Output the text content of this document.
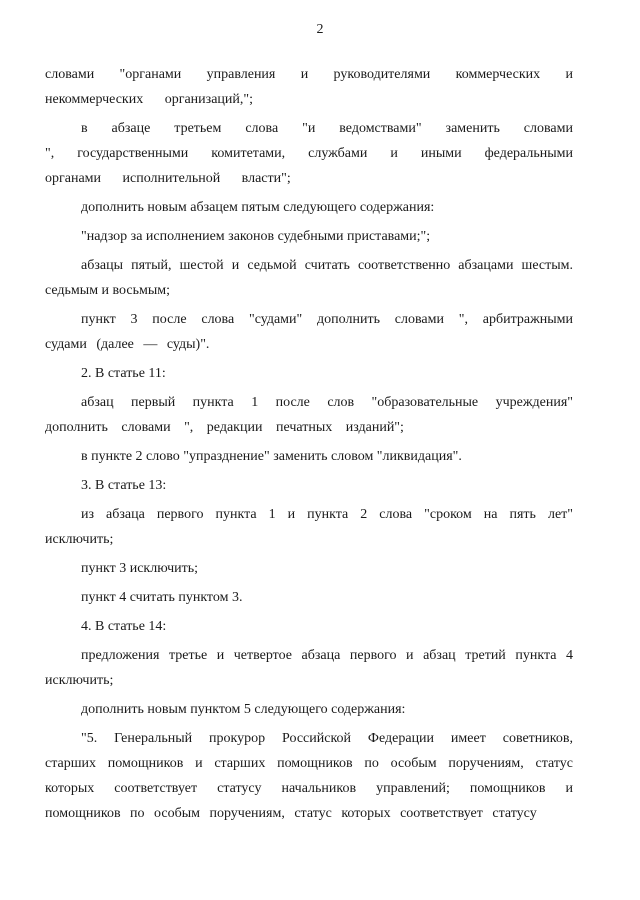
2

словами "органами управления и руководителями коммерческих и некоммерческих организаций,";

в абзаце третьем слова "и ведомствами" заменить словами ", государственными комитетами, службами и иными федеральными органами исполнительной власти";

дополнить новым абзацем пятым следующего содержания:

"надзор за исполнением законов судебными приставами;";

абзацы пятый, шестой и седьмой считать соответственно абзацами шестым. седьмым и восьмым;

пункт 3 после слова "судами" дополнить словами ", арбитражными судами (далее — суды)".

2. В статье 11:

абзац первый пункта 1 после слов "образовательные учреждения" дополнить словами ", редакции печатных изданий";

в пункте 2 слово "упразднение" заменить словом "ликвидация".

3. В статье 13:

из абзаца первого пункта 1 и пункта 2 слова "сроком на пять лет" исключить;

пункт 3 исключить;

пункт 4 считать пунктом 3.

4. В статье 14:

предложения третье и четвертое абзаца первого и абзац третий пункта 4 исключить;

дополнить новым пунктом 5 следующего содержания:

"5. Генеральный прокурор Российской Федерации имеет советников, старших помощников и старших помощников по особым поручениям, статус которых соответствует статусу начальников управлений; помощников и помощников по особым поручениям, статус которых соответствует статусу
